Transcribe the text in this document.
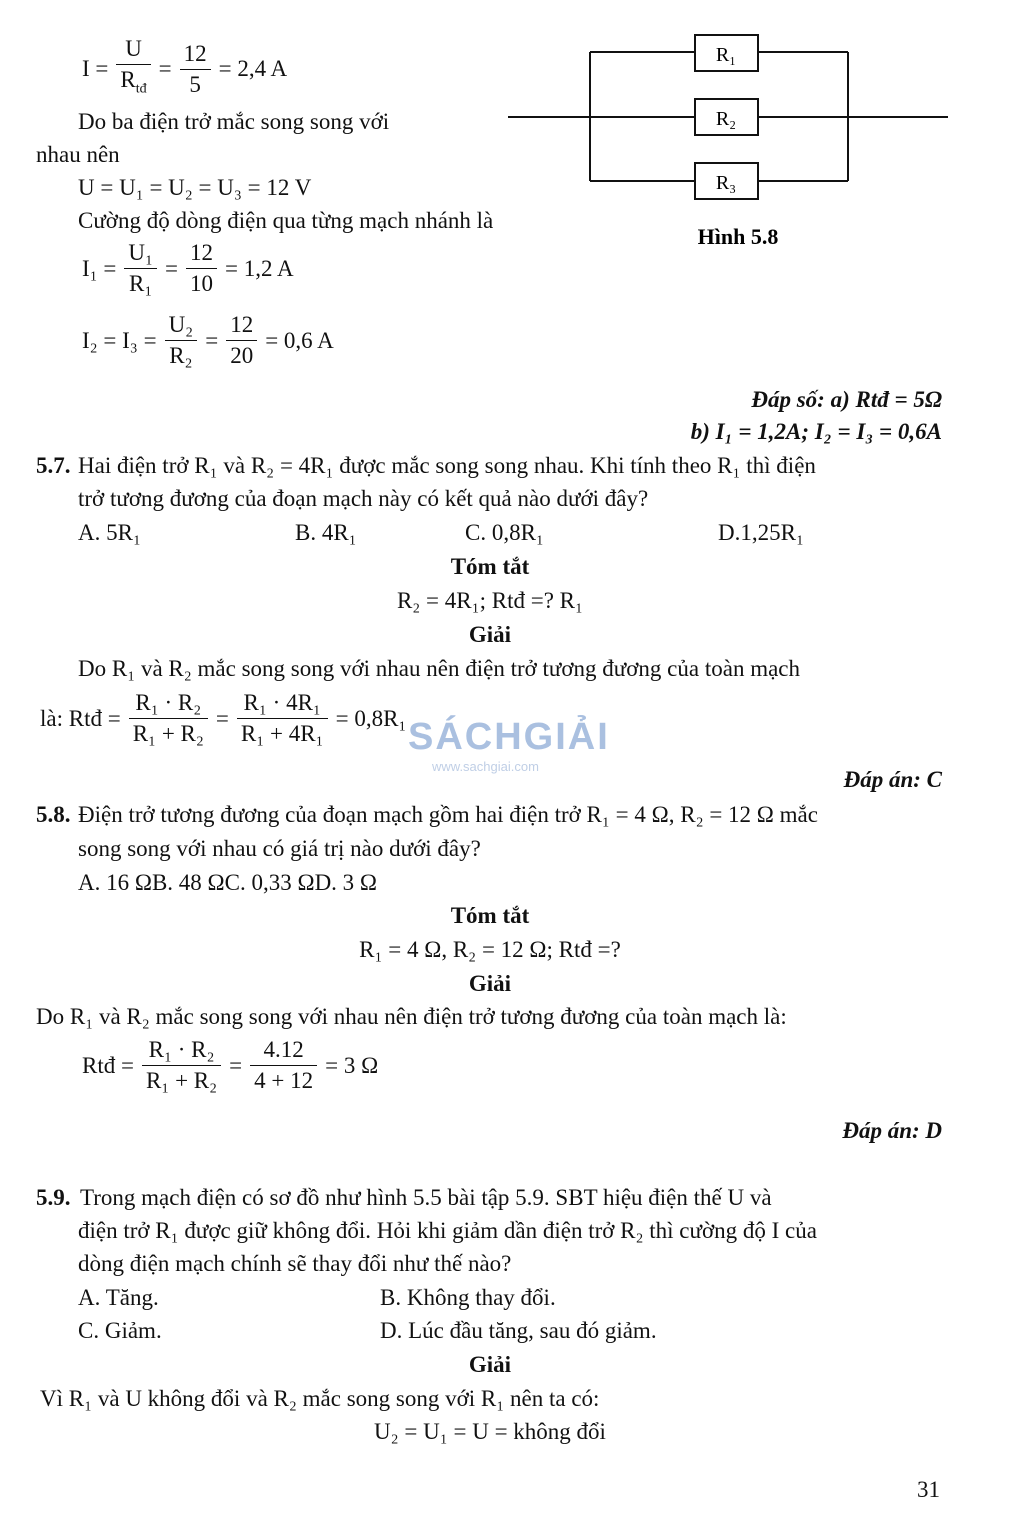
$I = \frac{U}{R_{tđ}} = \frac{12}{5} = 2,4$ A
Do ba điện trở mắc song song với
nhau nên
U = U₁ = U₂ = U₃ = 12 V
Cường độ dòng điện qua từng mạch nhánh là
$I_1 = \frac{\text{U₁}}{\text{R₁}} = \frac{12}{10} = 1,2$ A
$I_2 = I_3 = \frac{\text{U₂}}{\text{R₂}} = \frac{12}{20} = 0,6$ A
R₁
R₂
R₃
Hình 5.8
Đáp số: a) Rtđ = 5Ω
b) I₁ = 1,2A; I₂ = I₃ = 0,6A
5.7. Hai điện trở R₁ và R₂ = 4R₁ được mắc song song nhau. Khi tính theo R₁ thì điện
trở tương đương của đoạn mạch này có kết quả nào dưới đây?
A. 5R₁	B. 4R₁	C. 0,8R₁	D.1,25R₁
Tóm tắt
R₂ = 4R₁; Rtđ =? R₁
Giải
Do R₁ và R₂ mắc song song với nhau nên điện trở tương đương của toàn mạch
là: Rtđ = $\frac{\text{R₁ · R₂}}{\text{R₁ + R₂}} = \frac{\text{R₁ · 4R₁}}{\text{R₁ + 4R₁}} = 0,8R_1$
Đáp án: C
SÁCHGIẢI
www.sachgiai.com
5.8. Điện trở tương đương của đoạn mạch gồm hai điện trở R₁ = 4 Ω, R₂ = 12 Ω mắc
song song với nhau có giá trị nào dưới đây?
A. 16 ΩB. 48 ΩC. 0,33 ΩD. 3 Ω
Tóm tắt
R₁ = 4 Ω, R₂ = 12 Ω; Rtđ =?
Giải
Do R₁ và R₂ mắc song song với nhau nên điện trở tương đương của toàn mạch là:
Rtđ = $\frac{\text{R₁ · R₂}}{\text{R₁ + R₂}} = \frac{4.12}{4 + 12} = 3$ Ω
Đáp án: D
5.9. Trong mạch điện có sơ đồ như hình 5.5 bài tập 5.9. SBT hiệu điện thế U và
điện trở R₁ được giữ không đổi. Hỏi khi giảm dần điện trở R₂ thì cường độ I của
dòng điện mạch chính sẽ thay đổi như thế nào?
A. Tăng.	B. Không thay đổi.
C. Giảm.	D. Lúc đầu tăng, sau đó giảm.
Giải
Vì R₁ và U không đổi và R₂ mắc song song với R₁ nên ta có:
U₂ = U₁ = U = không đổi
31
